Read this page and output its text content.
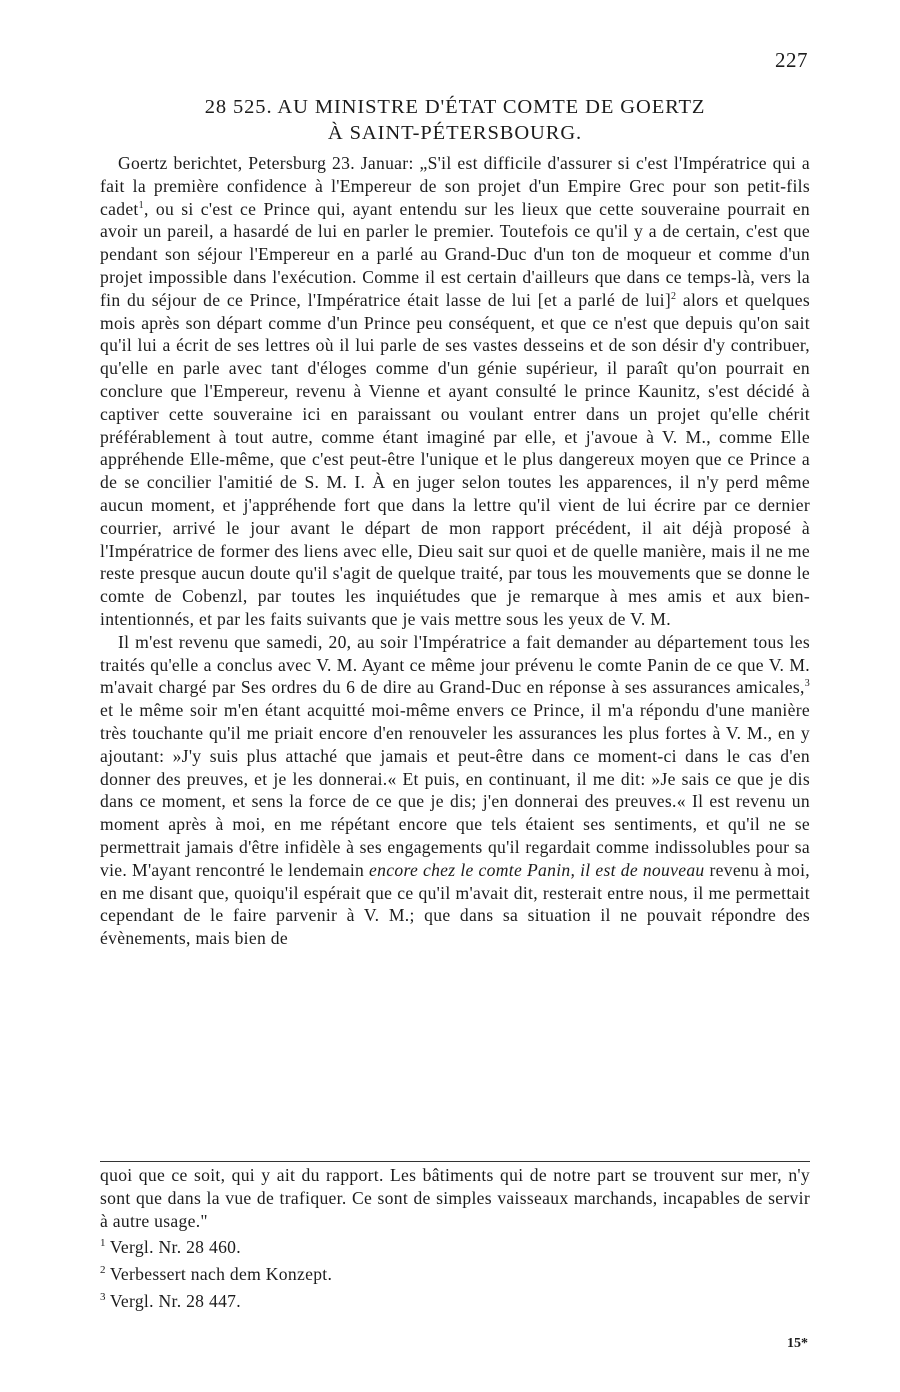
227
28 525. AU MINISTRE D'ÉTAT COMTE DE GOERTZ
À SAINT-PÉTERSBOURG.

Goertz berichtet, Petersburg 23. Januar: „S'il est difficile d'assurer si c'est l'Impératrice qui a fait la première confidence à l'Empereur de son projet d'un Empire Grec pour son petit-fils cadet$^1$, ou si c'est ce Prince qui, ayant entendu sur les lieux que cette souveraine pourrait en avoir un pareil, a hasardé de lui en parler le premier. Toutefois ce qu'il y a de certain, c'est que pendant son séjour l'Empereur en a parlé au Grand-Duc d'un ton de moqueur et comme d'un projet impossible dans l'exécution. Comme il est certain d'ailleurs que dans ce temps-là, vers la fin du séjour de ce Prince, l'Impératrice était lasse de lui [et a parlé de lui]$^2$ alors et quelques mois après son départ comme d'un Prince peu conséquent, et que ce n'est que depuis qu'on sait qu'il lui a écrit de ses lettres où il lui parle de ses vastes desseins et de son désir d'y contribuer, qu'elle en parle avec tant d'éloges comme d'un génie supérieur, il paraît qu'on pourrait en conclure que l'Empereur, revenu à Vienne et ayant consulté le prince Kaunitz, s'est décidé à captiver cette souveraine ici en paraissant ou voulant entrer dans un projet qu'elle chérit préférablement à tout autre, comme étant imaginé par elle, et j'avoue à V. M., comme Elle appréhende Elle-même, que c'est peut-être l'unique et le plus dangereux moyen que ce Prince a de se concilier l'amitié de S. M. I. À en juger selon toutes les apparences, il n'y perd même aucun moment, et j'appréhende fort que dans la lettre qu'il vient de lui écrire par ce dernier courrier, arrivé le jour avant le départ de mon rapport précédent, il ait déjà proposé à l'Impératrice de former des liens avec elle, Dieu sait sur quoi et de quelle manière, mais il ne me reste presque aucun doute qu'il s'agit de quelque traité, par tous les mouvements que se donne le comte de Cobenzl, par toutes les inquiétudes que je remarque à mes amis et aux bien-intentionnés, et par les faits suivants que je vais mettre sous les yeux de V. M.

Il m'est revenu que samedi, 20, au soir l'Impératrice a fait demander au département tous les traités qu'elle a conclus avec V. M. Ayant ce même jour prévenu le comte Panin de ce que V. M. m'avait chargé par Ses ordres du 6 de dire au Grand-Duc en réponse à ses assurances amicales,$^3$ et le même soir m'en étant acquitté moi-même envers ce Prince, il m'a répondu d'une manière très touchante qu'il me priait encore d'en renouveler les assurances les plus fortes à V. M., en y ajoutant: »J'y suis plus attaché que jamais et peut-être dans ce moment-ci dans le cas d'en donner des preuves, et je les donnerai.« Et puis, en continuant, il me dit: »Je sais ce que je dis dans ce moment, et sens la force de ce que je dis; j'en donnerai des preuves.« Il est revenu un moment après à moi, en me répétant encore que tels étaient ses sentiments, et qu'il ne se permettrait jamais d'être infidèle à ses engagements qu'il regardait comme indissolubles pour sa vie. M'ayant rencontré le lendemain encore chez le comte Panin, il est de nouveau revenu à moi, en me disant que, quoiqu'il espérait que ce qu'il m'avait dit, resterait entre nous, il me permettait cependant de le faire parvenir à V. M.; que dans sa situation il ne pouvait répondre des évènements, mais bien de

quoi que ce soit, qui y ait du rapport. Les bâtiments qui de notre part se trouvent sur mer, n'y sont que dans la vue de trafiquer. Ce sont de simples vaisseaux marchands, incapables de servir à autre usage."
$^1$ Vergl. Nr. 28 460.
$^2$ Verbessert nach dem Konzept.
$^3$ Vergl. Nr. 28 447.
15*
